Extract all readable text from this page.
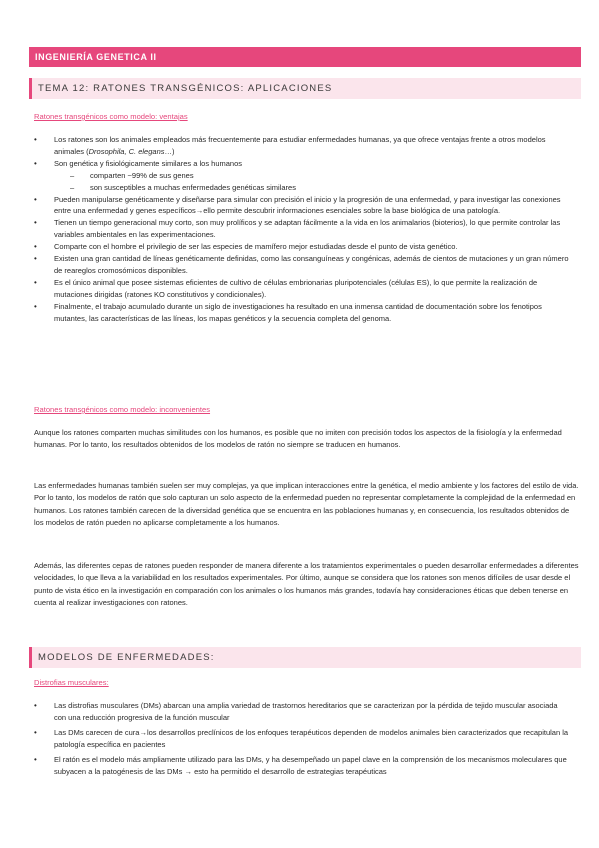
INGENIERÍA GENETICA II
TEMA 12: RATONES TRANSGÉNICOS: APLICACIONES
Ratones transgénicos como modelo: ventajas
• Los ratones son los animales empleados más frecuentemente para estudiar enfermedades humanas, ya que ofrece ventajas frente a otros modelos animales (Drosophila, C. elegans…)
• Son genética y fisiológicamente similares a los humanos
– comparten ~99% de sus genes
– son susceptibles a muchas enfermedades genéticas similares
• Pueden manipularse genéticamente y diseñarse para simular con precisión el inicio y la progresión de una enfermedad, y para investigar las conexiones entre una enfermedad y genes específicos→ello permite descubrir informaciones esenciales sobre la base biológica de una patología.
• Tienen un tiempo generacional muy corto, son muy prolíficos y se adaptan fácilmente a la vida en los animalarios (bioterios), lo que permite controlar las variables ambientales en las experimentaciones.
• Comparte con el hombre el privilegio de ser las especies de mamífero mejor estudiadas desde el punto de vista genético.
• Existen una gran cantidad de líneas genéticamente definidas, como las consanguíneas y congénicas, además de cientos de mutaciones y un gran número de reareglos cromosómicos disponibles.
• Es el único animal que posee sistemas eficientes de cultivo de células embrionarias pluripotenciales (células ES), lo que permite la realización de mutaciones dirigidas (ratones KO constitutivos y condicionales).
• Finalmente, el trabajo acumulado durante un siglo de investigaciones ha resultado en una inmensa cantidad de documentación sobre los fenotipos mutantes, las características de las líneas, los mapas genéticos y la secuencia completa del genoma.
Ratones transgénicos como modelo: inconvenientes

Aunque los ratones comparten muchas similitudes con los humanos, es posible que no imiten con precisión todos los aspectos de la fisiología y la enfermedad humanas. Por lo tanto, los resultados obtenidos de los modelos de ratón no siempre se traducen en humanos.

Las enfermedades humanas también suelen ser muy complejas, ya que implican interacciones entre la genética, el medio ambiente y los factores del estilo de vida. Por lo tanto, los modelos de ratón que solo capturan un solo aspecto de la enfermedad pueden no representar completamente la complejidad de la enfermedad en humanos. Los ratones también carecen de la diversidad genética que se encuentra en las poblaciones humanas y, en consecuencia, los resultados obtenidos de los modelos de ratón pueden no aplicarse completamente a los humanos.

Además, las diferentes cepas de ratones pueden responder de manera diferente a los tratamientos experimentales o pueden desarrollar enfermedades a diferentes velocidades, lo que lleva a la variabilidad en los resultados experimentales. Por último, aunque se considera que los ratones son menos difíciles de usar desde el punto de vista ético en la investigación en comparación con los animales o los humanos más grandes, todavía hay consideraciones éticas que deben tenerse en cuenta al realizar investigaciones con ratones.

MODELOS DE ENFERMEDADES:
Distrofias musculares:
• Las distrofias musculares (DMs) abarcan una amplia variedad de trastornos hereditarios que se caracterizan por la pérdida de tejido muscular asociada con una reducción progresiva de la función muscular
• Las DMs carecen de cura→los desarrollos preclínicos de los enfoques terapéuticos dependen de modelos animales bien caracterizados que recapitulan la patología específica en pacientes
• El ratón es el modelo más ampliamente utilizado para las DMs, y ha desempeñado un papel clave en la comprensión de los mecanismos moleculares que subyacen a la patogénesis de las DMs → esto ha permitido el desarrollo de estrategias terapéuticas
